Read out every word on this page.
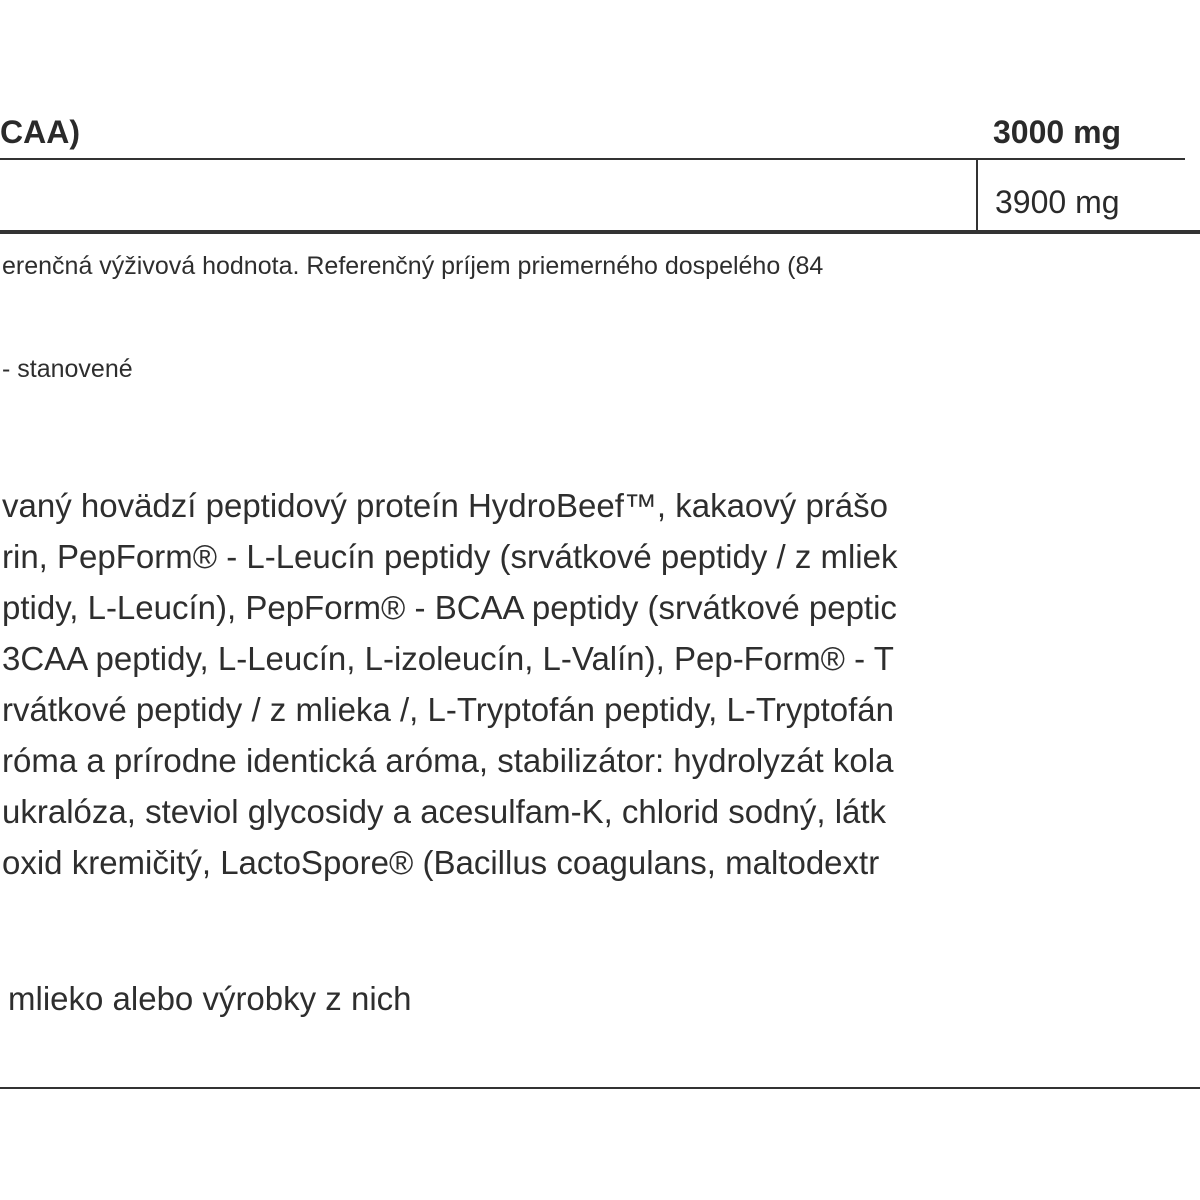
CAA)	3000 mg
3900 mg
erenčná výživová hodnota. Referenčný príjem priemerného dospelého (84
- stanovené
vaný hovädzí peptidový proteín HydroBeef™, kakaový prášo
rin, PepForm® - L-Leucín peptidy (srvátkové peptidy / z mliek
ptidy, L-Leucín), PepForm® - BCAA peptidy (srvátkové peptic
3CAA peptidy, L-Leucín, L-izoleucín, L-Valín), Pep-Form® - T
rvátkové peptidy / z mlieka /, L-Tryptofán peptidy, L-Tryptofán
róma a prírodne identická aróma, stabilizátor: hydrolyzát kola
ukralóza, steviol glycosidy a acesulfam-K, chlorid sodný, látk
oxid kremičitý, LactoSpore® (Bacillus coagulans, maltodextr
mlieko alebo výrobky z nich
